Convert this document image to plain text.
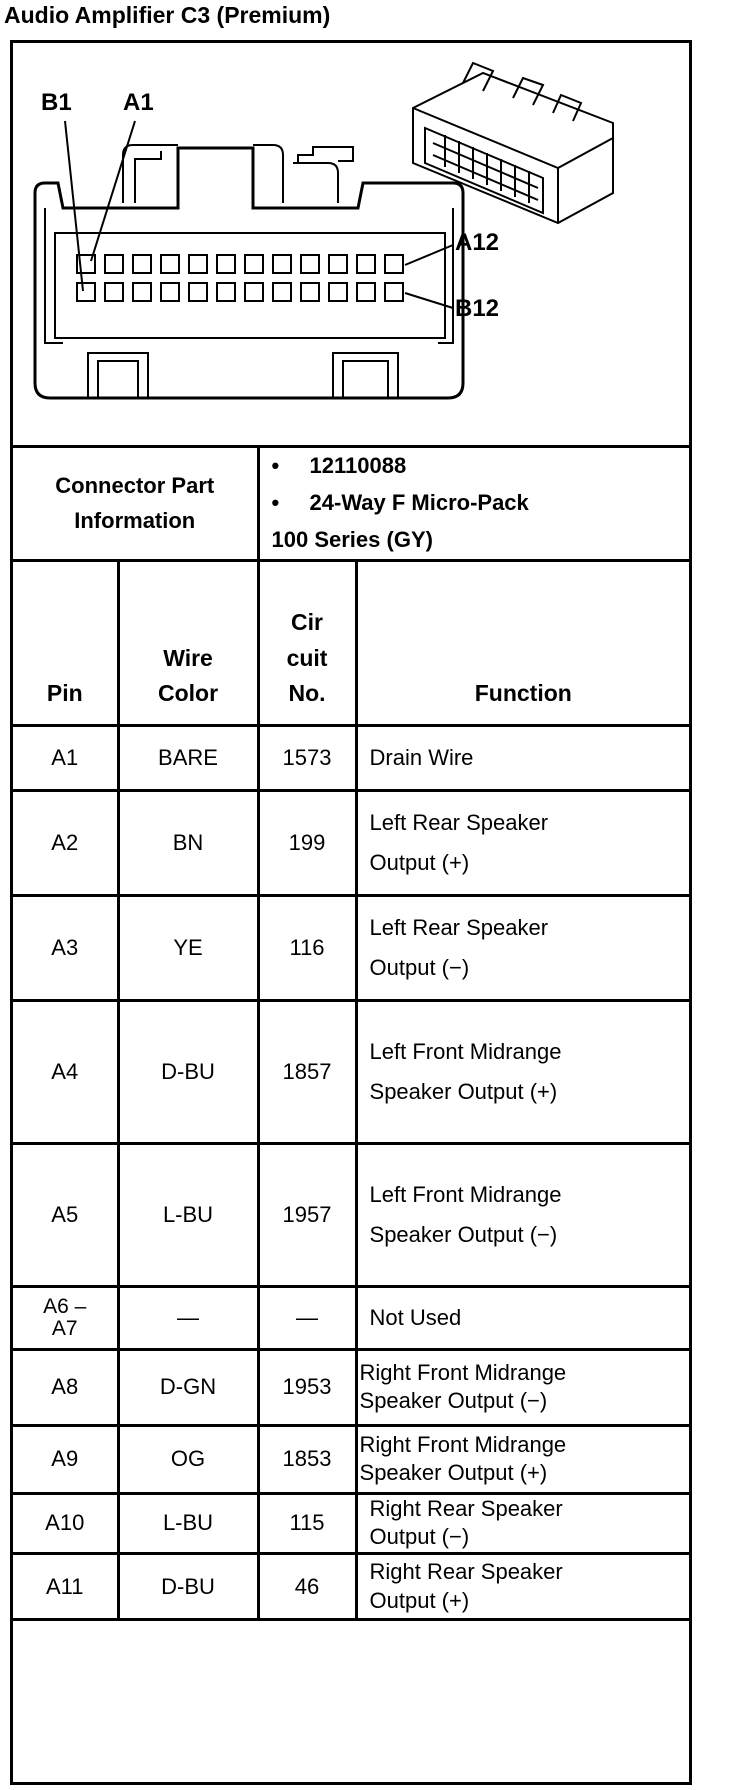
Audio Amplifier C3 (Premium)
B1 A1
A12
B12
Connector Part Information		• 12110088
• 24-Way F Micro-Pack
100 Series (GY)	

Pin	Wire Color	Cir cuit No.	Function
A1	BARE	1573	Drain Wire
A2	BN	199	Left Rear Speaker Output (+)
A3	YE	116	Left Rear Speaker Output (−)
A4	D-BU	1857	Left Front Midrange Speaker Output (+)
A5	L-BU	1957	Left Front Midrange Speaker Output (−)
A6 –A7	—	—	Not Used
A8	D-GN	1953	Right Front Midrange Speaker Output (−)
A9	OG	1853	Right Front Midrange Speaker Output (+)
A10	L-BU	115	Right Rear Speaker Output (−)
A11	D-BU	46	Right Rear Speaker Output (+)
